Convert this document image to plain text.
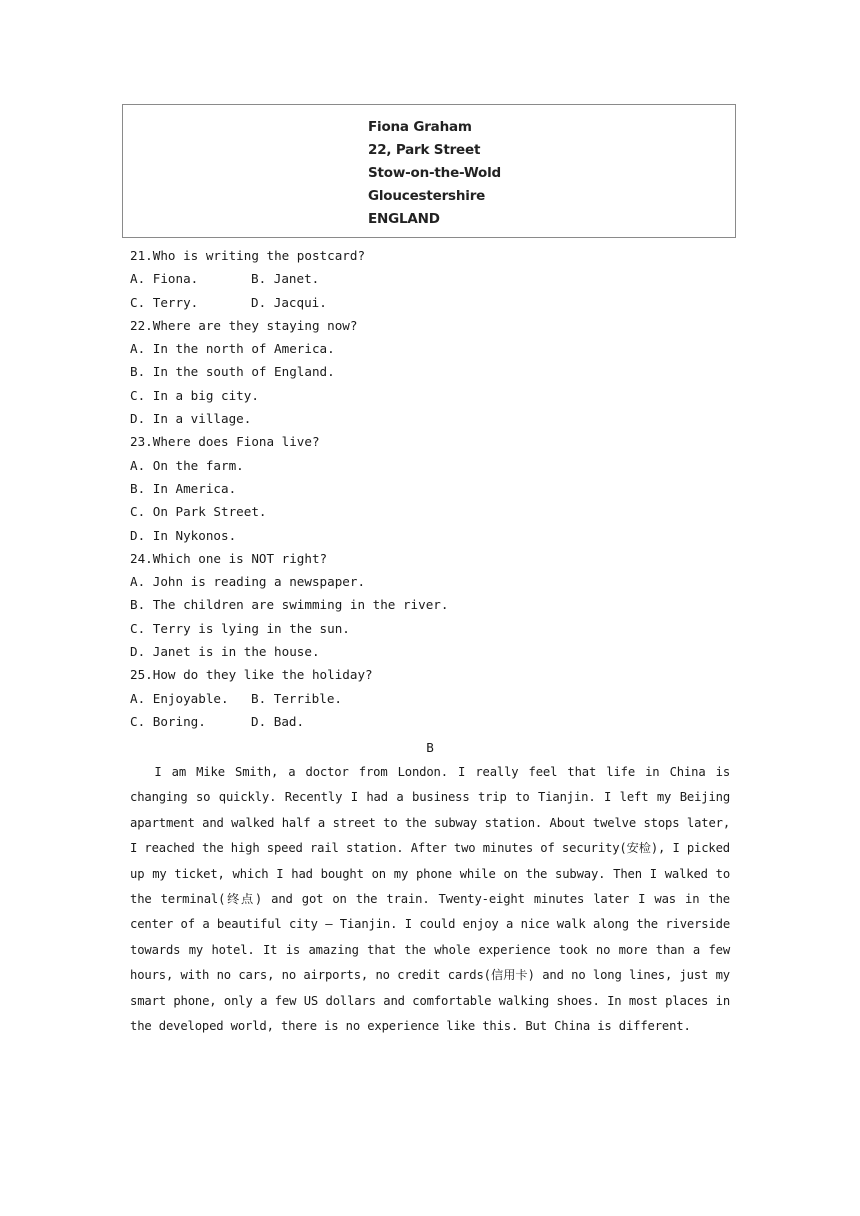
Fiona Graham
22, Park Street
Stow-on-the-Wold
Gloucestershire
ENGLAND
21.Who is writing the postcard?
A. Fiona.	B. Janet.
C. Terry.	D. Jacqui.
22.Where are they staying now?
A. In the north of America.
B. In the south of England.
C. In a big city.
D. In a village.
23.Where does Fiona live?
A. On the farm.
B. In America.
C. On Park Street.
D. In Nykonos.
24.Which one is NOT right?
A. John is reading a newspaper.
B. The children are swimming in the river.
C. Terry is lying in the sun.
D. Janet is in the house.
25.How do they like the holiday?
A. Enjoyable.	B. Terrible.
C. Boring.	D. Bad.
B
I am Mike Smith, a doctor from London. I really feel that life in China is changing so quickly. Recently I had a business trip to Tianjin. I left my Beijing apartment and walked half a street to the subway station. About twelve stops later, I reached the high speed rail station. After two minutes of security(安检), I picked up my ticket, which I had bought on my phone while on the subway. Then I walked to the terminal(终点) and got on the train. Twenty-eight minutes later I was in the center of a beautiful city — Tianjin. I could enjoy a nice walk along the riverside towards my hotel. It is amazing that the whole experience took no more than a few hours, with no cars, no airports, no credit cards(信用卡) and no long lines, just my smart phone, only a few US dollars and comfortable walking shoes. In most places in the developed world, there is no experience like this. But China is different.
